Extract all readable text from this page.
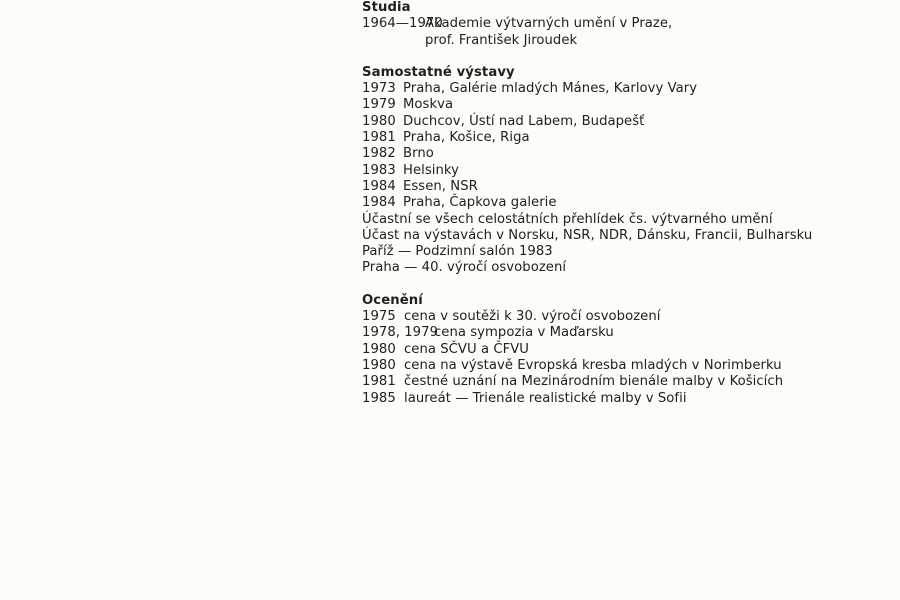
Studia
1964—1970
Akademie výtvarných umění v Praze,
prof. František Jiroudek
Samostatné výstavy
1973 Praha, Galérie mladých Mánes, Karlovy Vary
1979 Moskva
1980 Duchcov, Ústí nad Labem, Budapešť
1981 Praha, Košice, Riga
1982 Brno
1983 Helsinky
1984 Essen, NSR
1984 Praha, Čapkova galerie
Účastní se všech celostátních přehlídek čs. výtvarného umění
Účast na výstavách v Norsku, NSR, NDR, Dánsku, Francii, Bulharsku
Paříž — Podzimní salón 1983
Praha — 40. výročí osvobození
Ocenění
1975 cena v soutěži k 30. výročí osvobození
1978, 1979
cena sympozia v Maďarsku
1980 cena SČVU a ČFVU
1980 cena na výstavě Evropská kresba mladých v Norimberku
1981 čestné uznání na Mezinárodním bienále malby v Košicích
1985 laureát — Trienále realistické malby v Sofii
